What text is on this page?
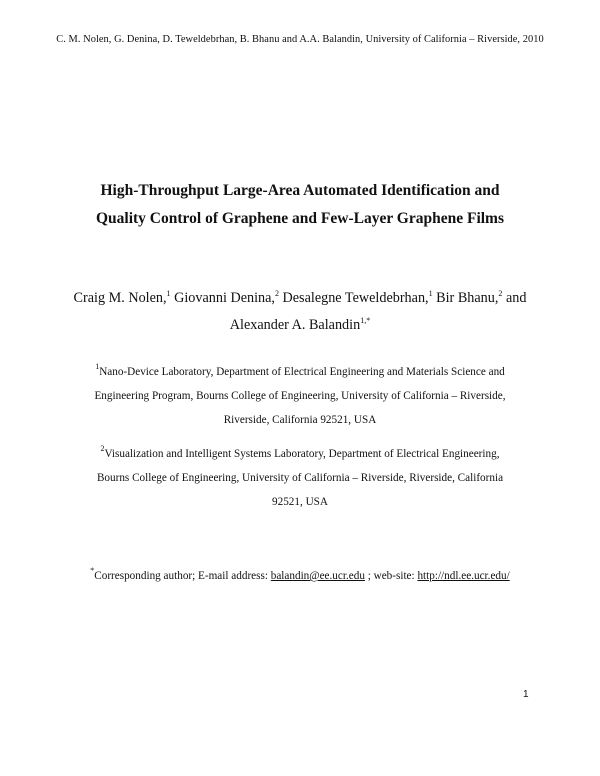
C. M. Nolen, G. Denina, D. Teweldebrhan, B. Bhanu and A.A. Balandin, University of California – Riverside, 2010
High-Throughput Large-Area Automated Identification and
Quality Control of Graphene and Few-Layer Graphene Films
Craig M. Nolen,$^1$ Giovanni Denina,$^2$ Desalegne Teweldebrhan,$^1$ Bir Bhanu,$^2$ and
Alexander A. Balandin$^{1,*}$
$^1$Nano-Device Laboratory, Department of Electrical Engineering and Materials Science and
Engineering Program, Bourns College of Engineering, University of California – Riverside,
Riverside, California 92521, USA
$^2$Visualization and Intelligent Systems Laboratory, Department of Electrical Engineering,
Bourns College of Engineering, University of California – Riverside, Riverside, California
92521, USA
*Corresponding author; E-mail address: balandin@ee.ucr.edu ; web-site: http://ndl.ee.ucr.edu/
1
